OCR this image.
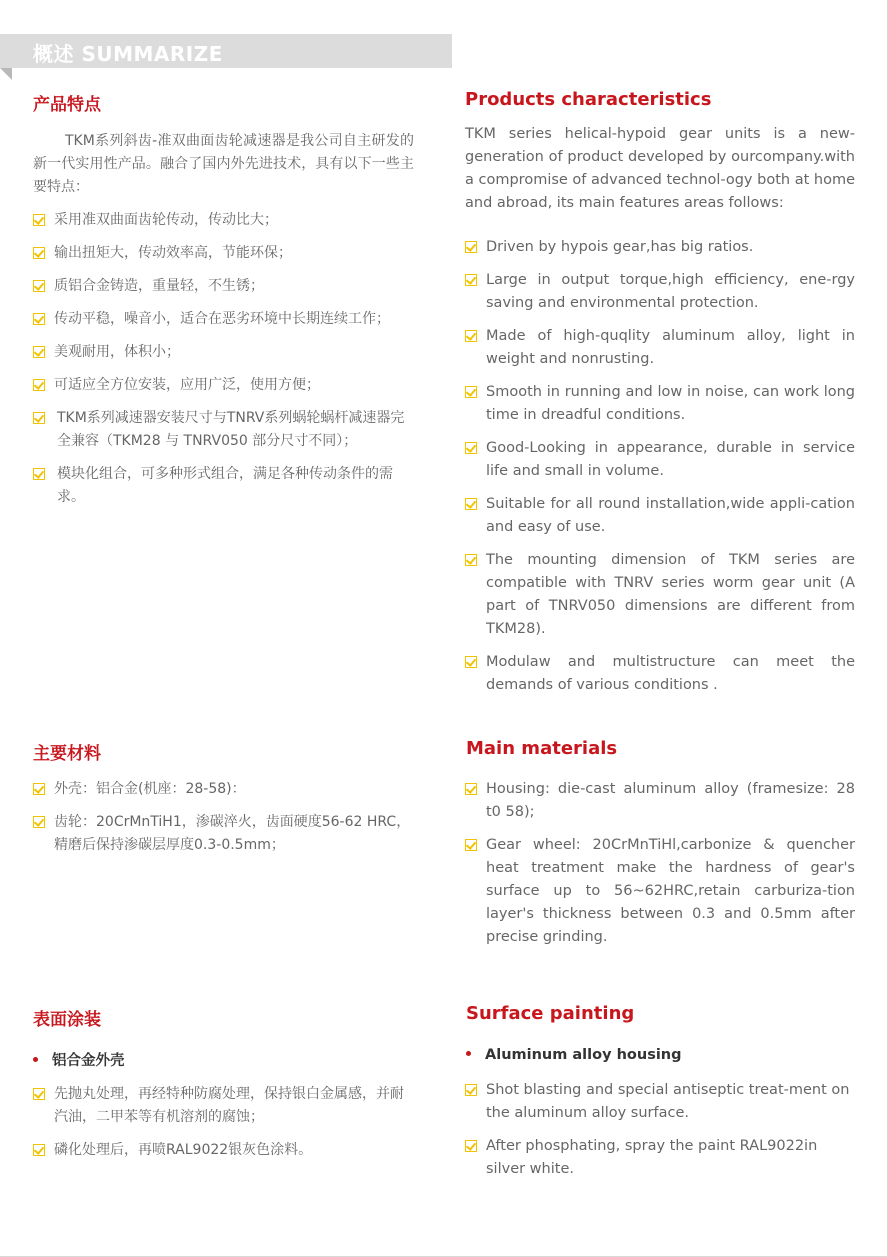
概述 SUMMARIZE
产品特点

TKM系列斜齿-准双曲面齿轮减速器是我公司自主研发的新一代实用性产品。融合了国内外先进技术，具有以下一些主要特点：

采用准双曲面齿轮传动，传动比大；
输出扭矩大，传动效率高，节能环保；
质铝合金铸造，重量轻，不生锈；
传动平稳，噪音小，适合在恶劣环境中长期连续工作；
美观耐用，体积小；
可适应全方位安装，应用广泛，使用方便；
TKM系列减速器安装尺寸与TNRV系列蜗轮蜗杆减速器完全兼容（TKM28 与 TNRV050 部分尺寸不同）；
模块化组合，可多种形式组合，满足各种传动条件的需求。
Products characteristics

TKM series helical-hypoid gear units is a new-generation of product developed by ourcompany.with a compromise of advanced technol-ogy both at home and abroad, its main features areas follows:

Driven by hypois gear,has big ratios.
Large in output torque,high efficiency, ene-rgy saving and environmental protection.
Made of high-quqlity aluminum alloy, light in weight and nonrusting.
Smooth in running and low in noise, can work long time in dreadful conditions.
Good-Looking in appearance, durable in service life and small in volume.
Suitable for all round installation,wide appli-cation and easy of use.
The mounting dimension of TKM series are compatible with TNRV series worm gear unit (A part of TNRV050 dimensions are different from TKM28).
Modulaw and multistructure can meet the demands of various conditions .
主要材料
外壳：铝合金(机座：28-58)：
齿轮：20CrMnTiH1，渗碳淬火，齿面硬度56-62 HRC，精磨后保持渗碳层厚度0.3-0.5mm；
Main materials
Housing: die-cast aluminum alloy (framesize: 28 t0 58);
Gear wheel: 20CrMnTiHl,carbonize & quencher heat treatment make the hardness of gear's surface up to 56~62HRC,retain carburiza-tion layer's thickness between 0.3 and 0.5mm after precise grinding.
表面涂装
铝合金外壳
先抛丸处理，再经特种防腐处理，保持银白金属感，并耐汽油，二甲苯等有机溶剂的腐蚀；
磷化处理后，再喷RAL9022银灰色涂料。
Surface painting
Aluminum alloy housing
Shot blasting and special antiseptic treat-ment on the aluminum alloy surface.
After phosphating, spray the paint RAL9022in silver white.
